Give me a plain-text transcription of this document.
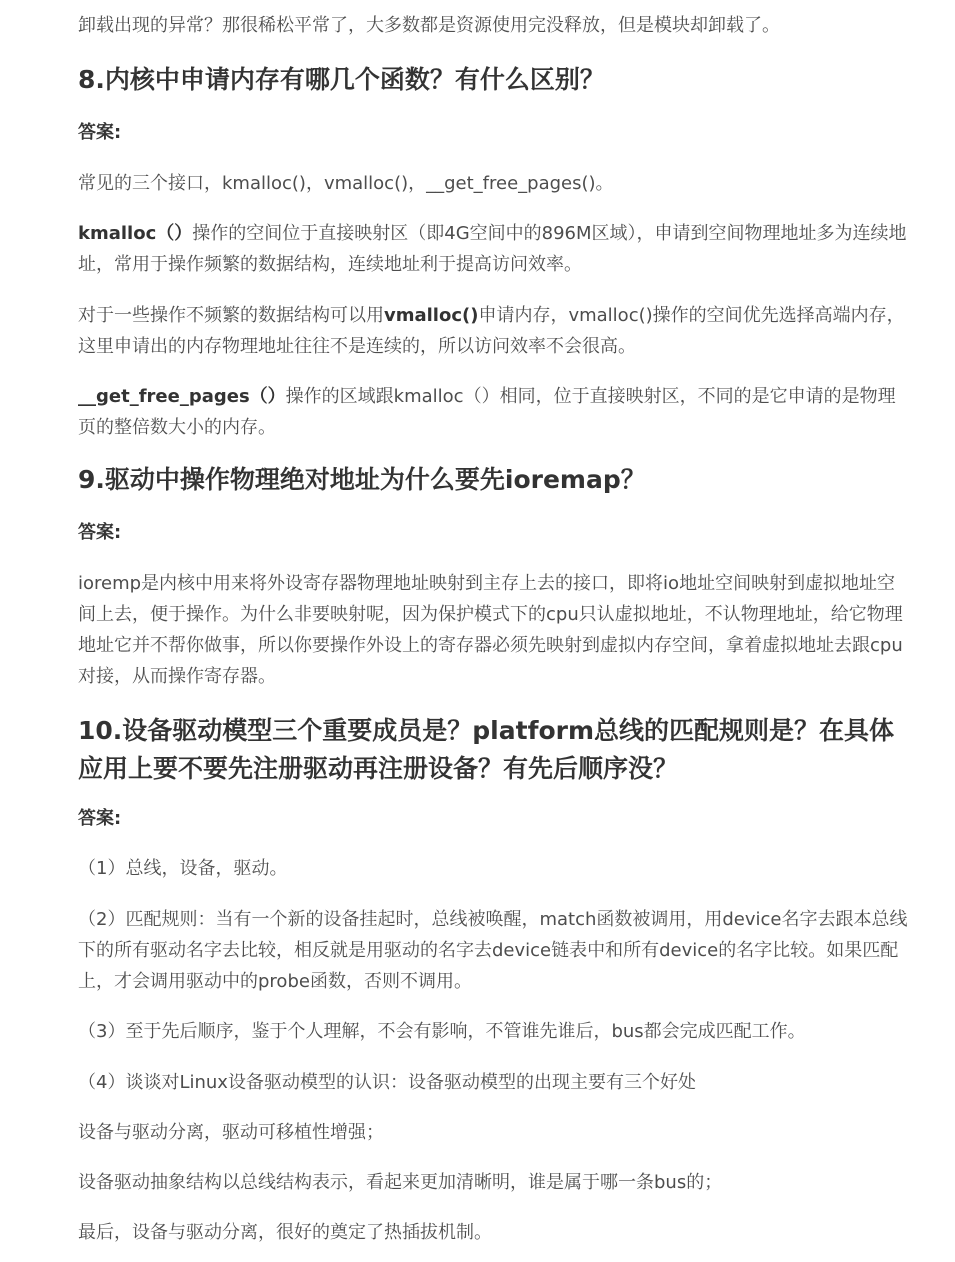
卸载出现的异常？那很稀松平常了，大多数都是资源使用完没释放，但是模块却卸载了。

8.内核中申请内存有哪几个函数？有什么区别？

答案:

常见的三个接口，kmalloc()，vmalloc()，__get_free_pages()。

kmalloc（）操作的空间位于直接映射区（即4G空间中的896M区域），申请到空间物理地址多为连续地址，常用于操作频繁的数据结构，连续地址利于提高访问效率。

对于一些操作不频繁的数据结构可以用vmalloc()申请内存，vmalloc()操作的空间优先选择高端内存，这里申请出的内存物理地址往往不是连续的，所以访问效率不会很高。

__get_free_pages（）操作的区域跟kmalloc（）相同，位于直接映射区，不同的是它申请的是物理页的整倍数大小的内存。

9.驱动中操作物理绝对地址为什么要先ioremap？

答案:

ioremp是内核中用来将外设寄存器物理地址映射到主存上去的接口，即将io地址空间映射到虚拟地址空间上去，便于操作。为什么非要映射呢，因为保护模式下的cpu只认虚拟地址，不认物理地址，给它物理地址它并不帮你做事，所以你要操作外设上的寄存器必须先映射到虚拟内存空间，拿着虚拟地址去跟cpu对接，从而操作寄存器。

10.设备驱动模型三个重要成员是？platform总线的匹配规则是？在具体应用上要不要先注册驱动再注册设备？有先后顺序没？

答案:

（1）总线，设备，驱动。

（2）匹配规则：当有一个新的设备挂起时，总线被唤醒，match函数被调用，用device名字去跟本总线下的所有驱动名字去比较，相反就是用驱动的名字去device链表中和所有device的名字比较。如果匹配上，才会调用驱动中的probe函数，否则不调用。

（3）至于先后顺序，鉴于个人理解，不会有影响，不管谁先谁后，bus都会完成匹配工作。

（4）谈谈对Linux设备驱动模型的认识：设备驱动模型的出现主要有三个好处

设备与驱动分离，驱动可移植性增强；

设备驱动抽象结构以总线结构表示，看起来更加清晰明，谁是属于哪一条bus的；

最后，设备与驱动分离，很好的奠定了热插拔机制。
